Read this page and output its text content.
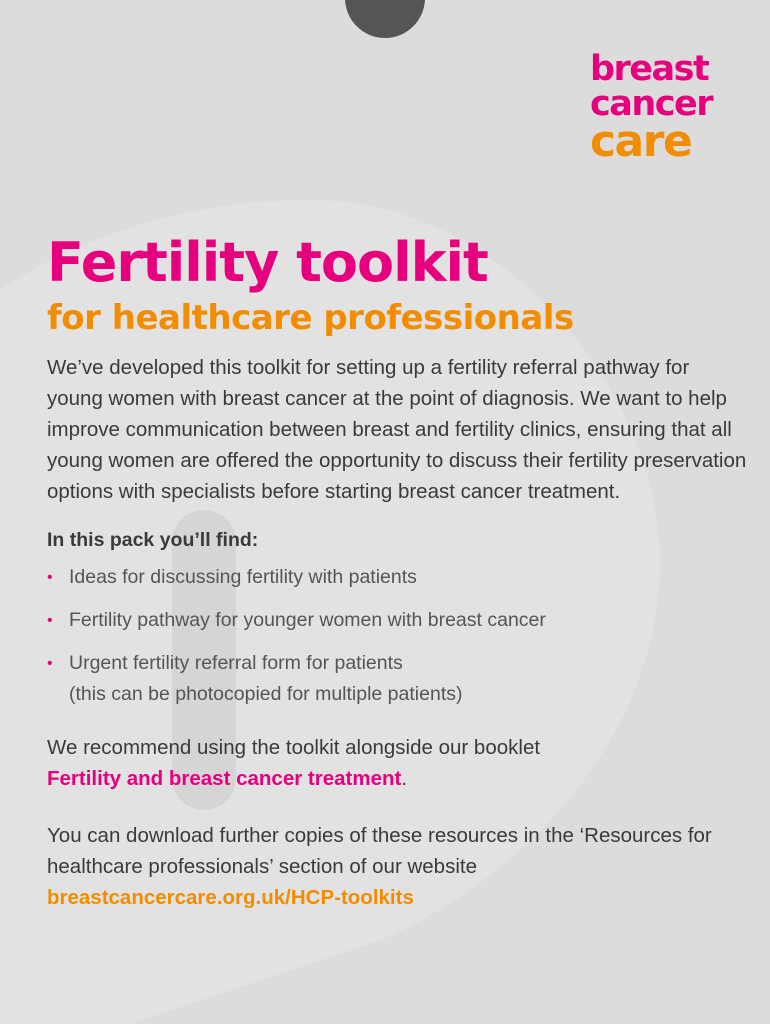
breast
cancer
care
Fertility toolkit
for healthcare professionals

We’ve developed this toolkit for setting up a fertility referral pathway for young women with breast cancer at the point of diagnosis. We want to help improve communication between breast and fertility clinics, ensuring that all young women are offered the opportunity to discuss their fertility preservation options with specialists before starting breast cancer treatment.

In this pack you’ll find:

• Ideas for discussing fertility with patients
• Fertility pathway for younger women with breast cancer
• Urgent fertility referral form for patients
(this can be photocopied for multiple patients)

We recommend using the toolkit alongside our booklet
Fertility and breast cancer treatment.

You can download further copies of these resources in the ‘Resources for healthcare professionals’ section of our website
breastcancercare.org.uk/HCP-toolkits
